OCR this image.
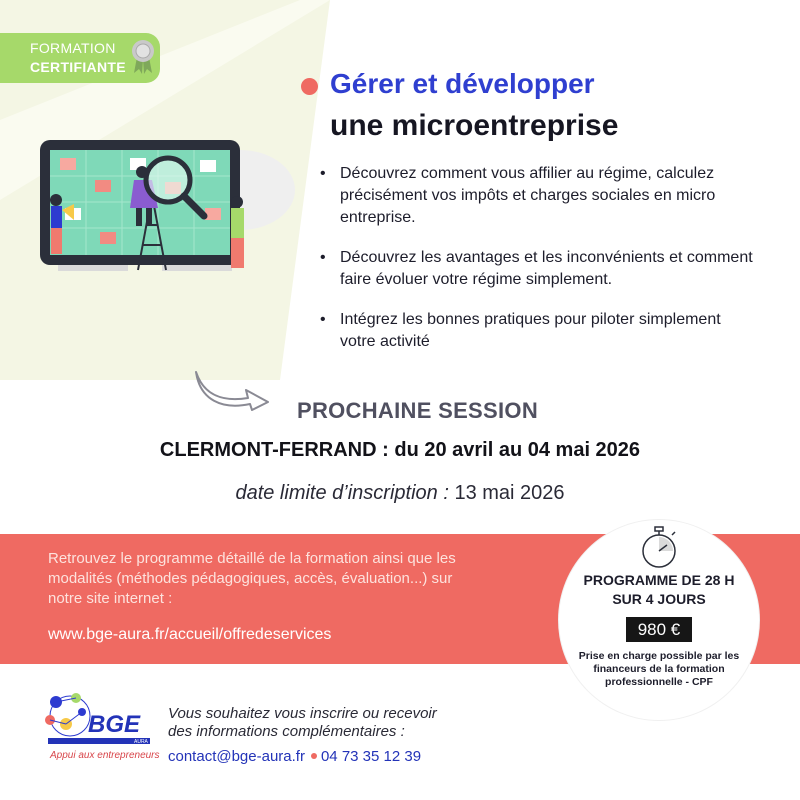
FORMATION
CERTIFIANTE
Gérer et développer
une microentreprise
• Découvrez comment vous affilier au régime, calculez précisément vos impôts et charges sociales en micro entreprise.
• Découvrez les avantages et les inconvénients et comment faire évoluer votre régime simplement.
• Intégrez les bonnes pratiques pour piloter simplement votre activité
PROCHAINE SESSION
CLERMONT-FERRAND : du 20 avril au 04 mai 2026
date limite d’inscription : 13 mai 2026
Retrouvez le programme détaillé de la formation ainsi que les modalités (méthodes pédagogiques, accès, évaluation...) sur notre site internet :
www.bge-aura.fr/accueil/offredeservices
PROGRAMME DE 28 H
SUR 4 JOURS
980 €
Prise en charge possible par les financeurs de la formation professionnelle - CPF
BGE
AURA
Appui aux entrepreneurs
Vous souhaitez vous inscrire ou recevoir
des informations complémentaires :
contact@bge-aura.fr 04 73 35 12 39
